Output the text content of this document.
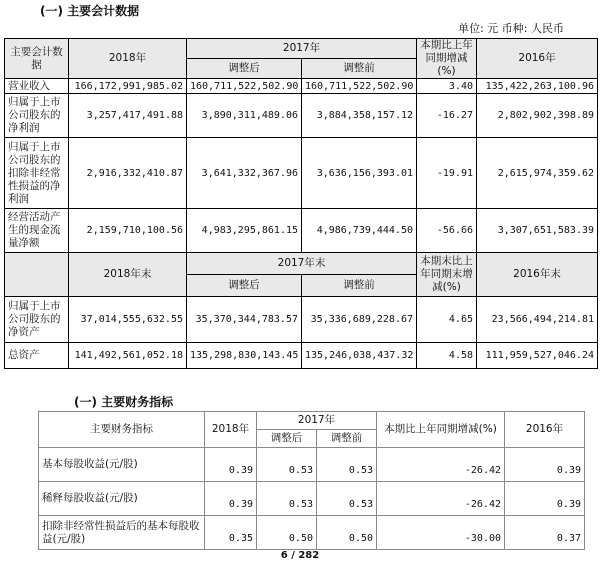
(一) 主要会计数据
单位: 元 币种: 人民币
主要会计数据	2018年	2017年		本期比上年同期增减(%)	2016年
		调整后	调整前		
营业收入	166,172,991,985.02	160,711,522,502.90	160,711,522,502.90	3.40	135,422,263,100.96
归属于上市公司股东的净利润	3,257,417,491.88	3,890,311,489.06	3,884,358,157.12	-16.27	2,802,902,398.89
归属于上市公司股东的扣除非经常性损益的净利润	2,916,332,410.87	3,641,332,367.96	3,636,156,393.01	-19.91	2,615,974,359.62
经营活动产生的现金流量净额	2,159,710,100.56	4,983,295,861.15	4,986,739,444.50	-56.66	3,307,651,583.39
	2018年末	2017年末		本期末比上年同期末增减(%)	2016年末
		调整后	调整前		
归属于上市公司股东的净资产	37,014,555,632.55	35,370,344,783.57	35,336,689,228.67	4.65	23,566,494,214.81
总资产	141,492,561,052.18	135,298,830,143.45	135,246,038,437.32	4.58	111,959,527,046.24
(一) 主要财务指标
主要财务指标	2018年	2017年		本期比上年同期增减(%)	2016年
		调整后	调整前		
基本每股收益(元/股)	0.39	0.53	0.53	-26.42	0.39
稀释每股收益(元/股)	0.39	0.53	0.53	-26.42	0.39
扣除非经常性损益后的基本每股收益(元/股)	0.35	0.50	0.50	-30.00	0.37
6 / 282
